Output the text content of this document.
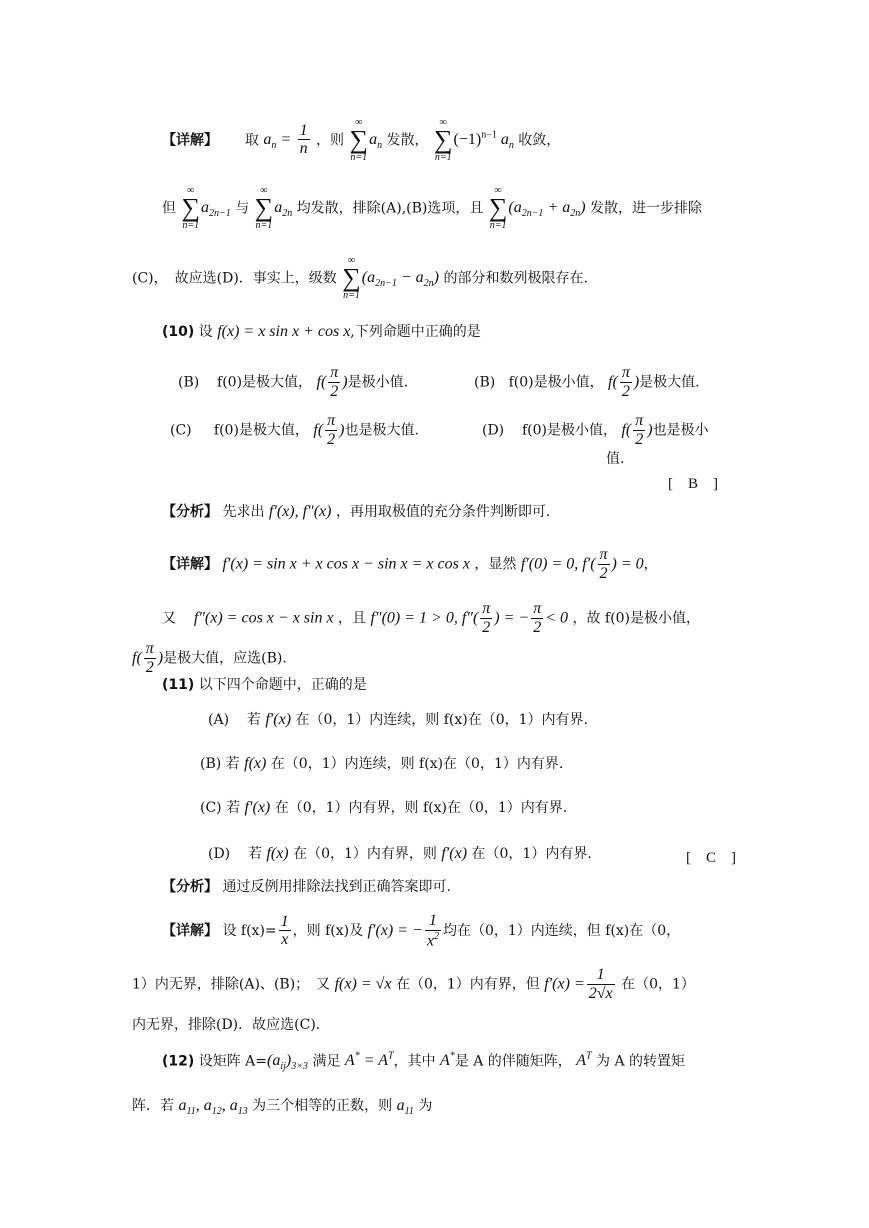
【详解】 取 $a_n = \frac{1}{n}$ ，则
∞
∑
n=1
$a_n$ 发散，
∞
∑
n=1
$(-1)^{n-1}$ $a_n$ 收敛，
但
∞
∑
n=1
$a_{2n-1}$ 与
∞
∑
n=1
$a_{2n}$ 均发散，排除(A),(B)选项，且
∞
∑
n=1
$(a_{2n-1} + a_{2n})$ 发散，进一步排除
(C)，　故应选(D)．事实上，级数
∞
∑
n=1
$(a_{2n-1} - a_{2n})$ 的部分和数列极限存在.
(10) 设 f(x) = x sin x + cos x,下列命题中正确的是
(B) f(0)是极大值， $f( \frac{\pi}{2}$ )是极小值.	(B) f(0)是极小值， $f( \frac{\pi}{2}$ )是极大值.
(C) f(0)是极大值， $f( \frac{\pi}{2}$ )也是极大值.	(D) f(0)是极小值， $f( \frac{\pi}{2}$ )也是极小
值.
[　B　]
【分析】 先求出 f′(x), f″(x) ，再用取极值的充分条件判断即可.
【详解】 f′(x) = sin x + x cos x − sin x = x cos x ，显然 f′(0) = 0, $f'( \frac{\pi}{2}$ ) = 0，
又 f″(x) = cos x − x sin x ，且 f″(0) = 1 > 0, $f''( \frac{\pi}{2}$ ) = − $\frac{\pi}{2} < 0$ ，故 f(0)是极小值，
$f( \frac{\pi}{2}$ )是极大值，应选(B).
(11) 以下四个命题中，正确的是
(A) 若 f′(x) 在（0，1）内连续，则 f(x)在（0，1）内有界.
(B) 若 f(x) 在（0，1）内连续，则 f(x)在（0，1）内有界.
(C) 若 f′(x) 在（0，1）内有界，则 f(x)在（0，1）内有界.
(D) 若 f(x) 在（0，1）内有界，则 f′(x) 在（0，1）内有界.	[　C　]
【分析】 通过反例用排除法找到正确答案即可.
【详解】 设 $f(x)= \frac{1}{x}$ ，则 f(x)及 f′(x) = − $\frac{1}{x^2}$ 均在（0，1）内连续，但 f(x)在（0，
1）内无界，排除(A)、(B)；　又 f(x) = √x 在（0，1）内有界，但 $f'(x) = \frac{1}{2√x}$ 在（0，1）
内无界，排除(D)．故应选(C).
(12) 设矩阵 $A=(a_{ij})_{3\times 3}$ 满足 $A^* = A^T$，其中 A*是 A 的伴随矩阵， $A^T$ 为 A 的转置矩
阵．若 $a_{11}$, $a_{12}$, $a_{13}$ 为三个相等的正数，则 $a_{11}$ 为
